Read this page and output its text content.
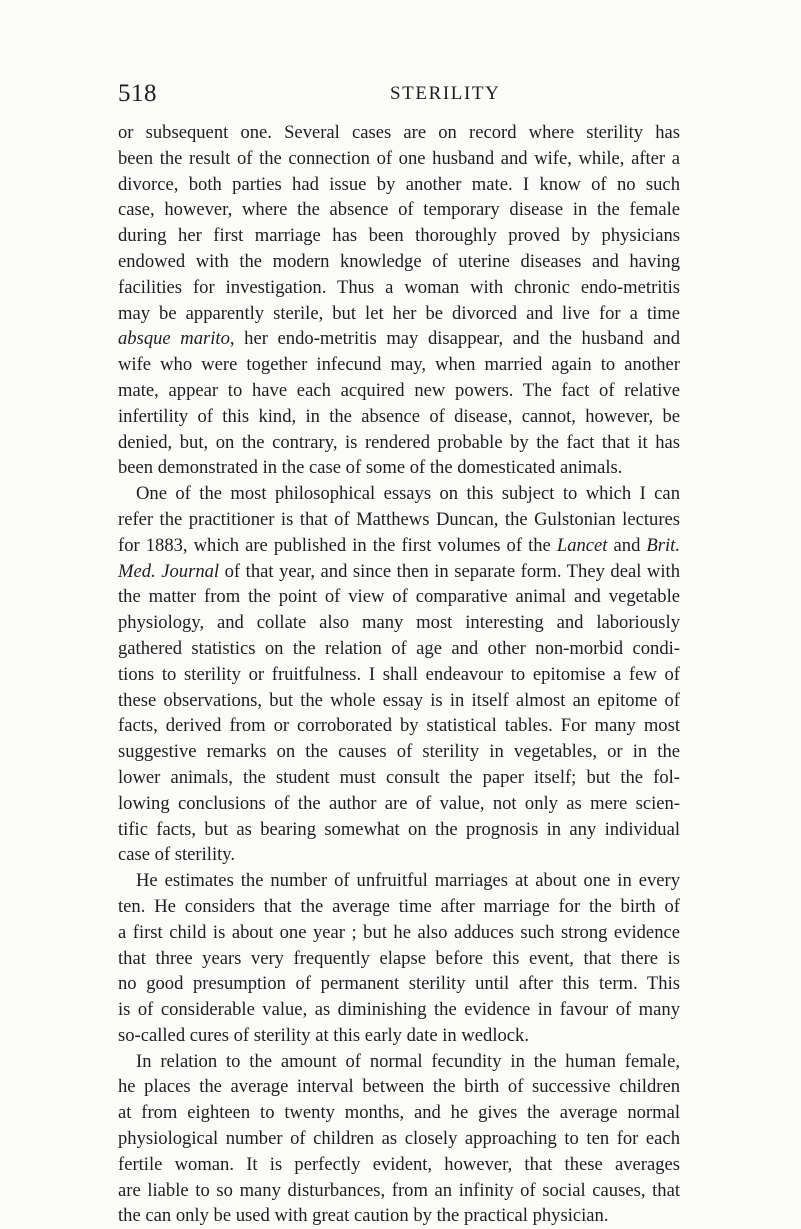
518	STERILITY
or subsequent one. Several cases are on record where sterility has
been the result of the connection of one husband and wife, while, after a
divorce, both parties had issue by another mate. I know of no such
case, however, where the absence of temporary disease in the female
during her first marriage has been thoroughly proved by physicians
endowed with the modern knowledge of uterine diseases and having
facilities for investigation. Thus a woman with chronic endo-metritis
may be apparently sterile, but let her be divorced and live for a time
absque marito, her endo-metritis may disappear, and the husband and
wife who were together infecund may, when married again to another
mate, appear to have each acquired new powers. The fact of relative
infertility of this kind, in the absence of disease, cannot, however, be
denied, but, on the contrary, is rendered probable by the fact that it has
been demonstrated in the case of some of the domesticated animals.
One of the most philosophical essays on this subject to which I can
refer the practitioner is that of Matthews Duncan, the Gulstonian lectures
for 1883, which are published in the first volumes of the Lancet and Brit.
Med. Journal of that year, and since then in separate form. They deal with
the matter from the point of view of comparative animal and vegetable
physiology, and collate also many most interesting and laboriously
gathered statistics on the relation of age and other non-morbid condi-
tions to sterility or fruitfulness. I shall endeavour to epitomise a few of
these observations, but the whole essay is in itself almost an epitome of
facts, derived from or corroborated by statistical tables. For many most
suggestive remarks on the causes of sterility in vegetables, or in the
lower animals, the student must consult the paper itself; but the fol-
lowing conclusions of the author are of value, not only as mere scien-
tific facts, but as bearing somewhat on the prognosis in any individual
case of sterility.
He estimates the number of unfruitful marriages at about one in every
ten. He considers that the average time after marriage for the birth of
a first child is about one year ; but he also adduces such strong evidence
that three years very frequently elapse before this event, that there is
no good presumption of permanent sterility until after this term. This
is of considerable value, as diminishing the evidence in favour of many
so-called cures of sterility at this early date in wedlock.
In relation to the amount of normal fecundity in the human female,
he places the average interval between the birth of successive children
at from eighteen to twenty months, and he gives the average normal
physiological number of children as closely approaching to ten for each
fertile woman. It is perfectly evident, however, that these averages
are liable to so many disturbances, from an infinity of social causes, that
the can only be used with great caution by the practical physician.
